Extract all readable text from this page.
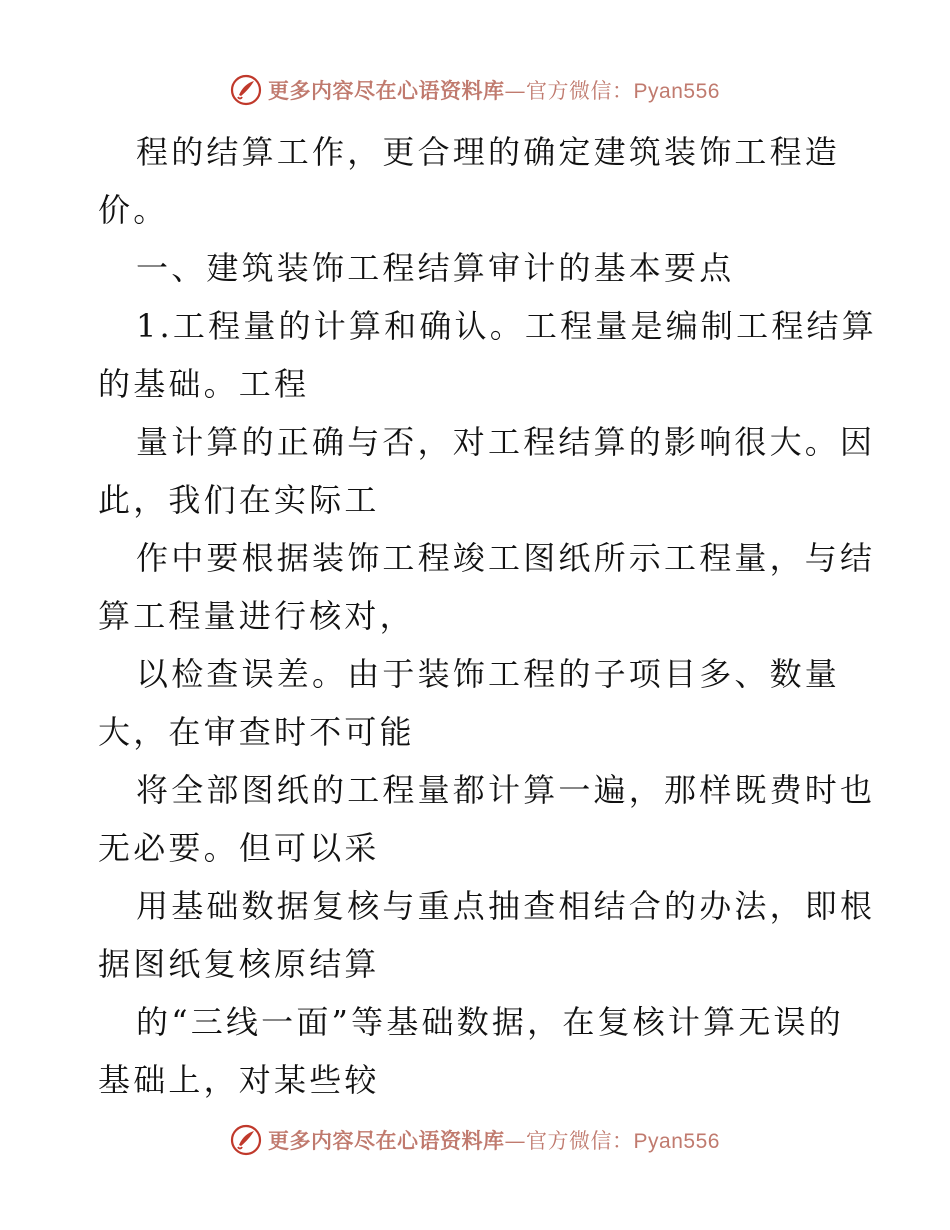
更多内容尽在心语资料库—官方微信：Pyan556
程的结算工作，更合理的确定建筑装饰工程造
价。
一、建筑装饰工程结算审计的基本要点
1.工程量的计算和确认。工程量是编制工程结算
的基础。工程
量计算的正确与否，对工程结算的影响很大。因
此，我们在实际工
作中要根据装饰工程竣工图纸所示工程量，与结
算工程量进行核对，
以检查误差。由于装饰工程的子项目多、数量
大，在审查时不可能
将全部图纸的工程量都计算一遍，那样既费时也
无必要。但可以采
用基础数据复核与重点抽查相结合的办法，即根
据图纸复核原结算
的“三线一面”等基础数据，在复核计算无误的
基础上，对某些较
更多内容尽在心语资料库—官方微信：Pyan556
